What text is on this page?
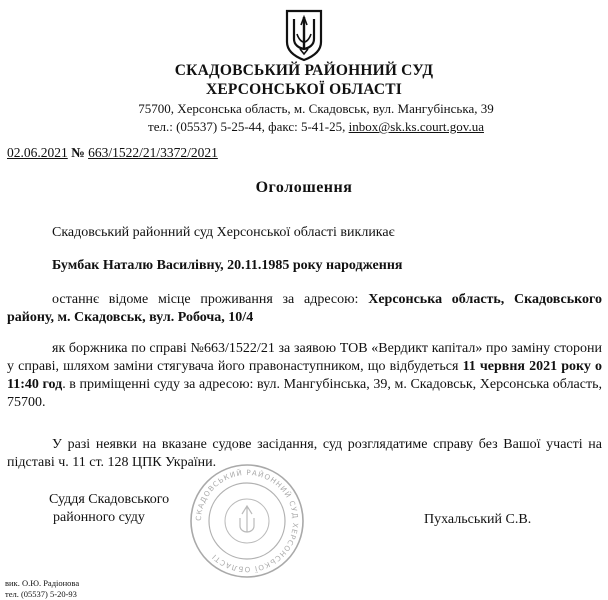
СКАДОВСЬКИЙ РАЙОННИЙ СУД
ХЕРСОНСЬКОЇ ОБЛАСТІ
75700, Херсонська область, м. Скадовськ, вул. Мангубінська, 39
тел.: (05537) 5-25-44, факс: 5-41-25, inbox@sk.ks.court.gov.ua
02.06.2021 № 663/1522/21/3372/2021
Оголошення
Скадовський районний суд Херсонської області викликає
Бумбак Наталю Василівну, 20.11.1985 року народження
останнє відоме місце проживання за адресою: Херсонська область, Скадовського району, м. Скадовськ, вул. Робоча, 10/4
як боржника по справі №663/1522/21 за заявою ТОВ «Вердикт капітал» про заміну сторони у справі, шляхом заміни стягувача його правонаступником, що відбудеться 11 червня 2021 року о 11:40 год. в приміщенні суду за адресою: вул. Мангубінська, 39, м. Скадовськ, Херсонська область, 75700.
У разі неявки на вказане судове засідання, суд розглядатиме справу без Вашої участі на підставі ч. 11 ст. 128 ЦПК України.
СКАДОВСЬКИЙ РАЙОННИЙ СУД ХЕРСОНСЬКОЇ ОБЛАСТІ
Суддя Скадовського
районного суду	Пухальський С.В.
вик. О.Ю. Радіонова
тел. (05537) 5-20-93
